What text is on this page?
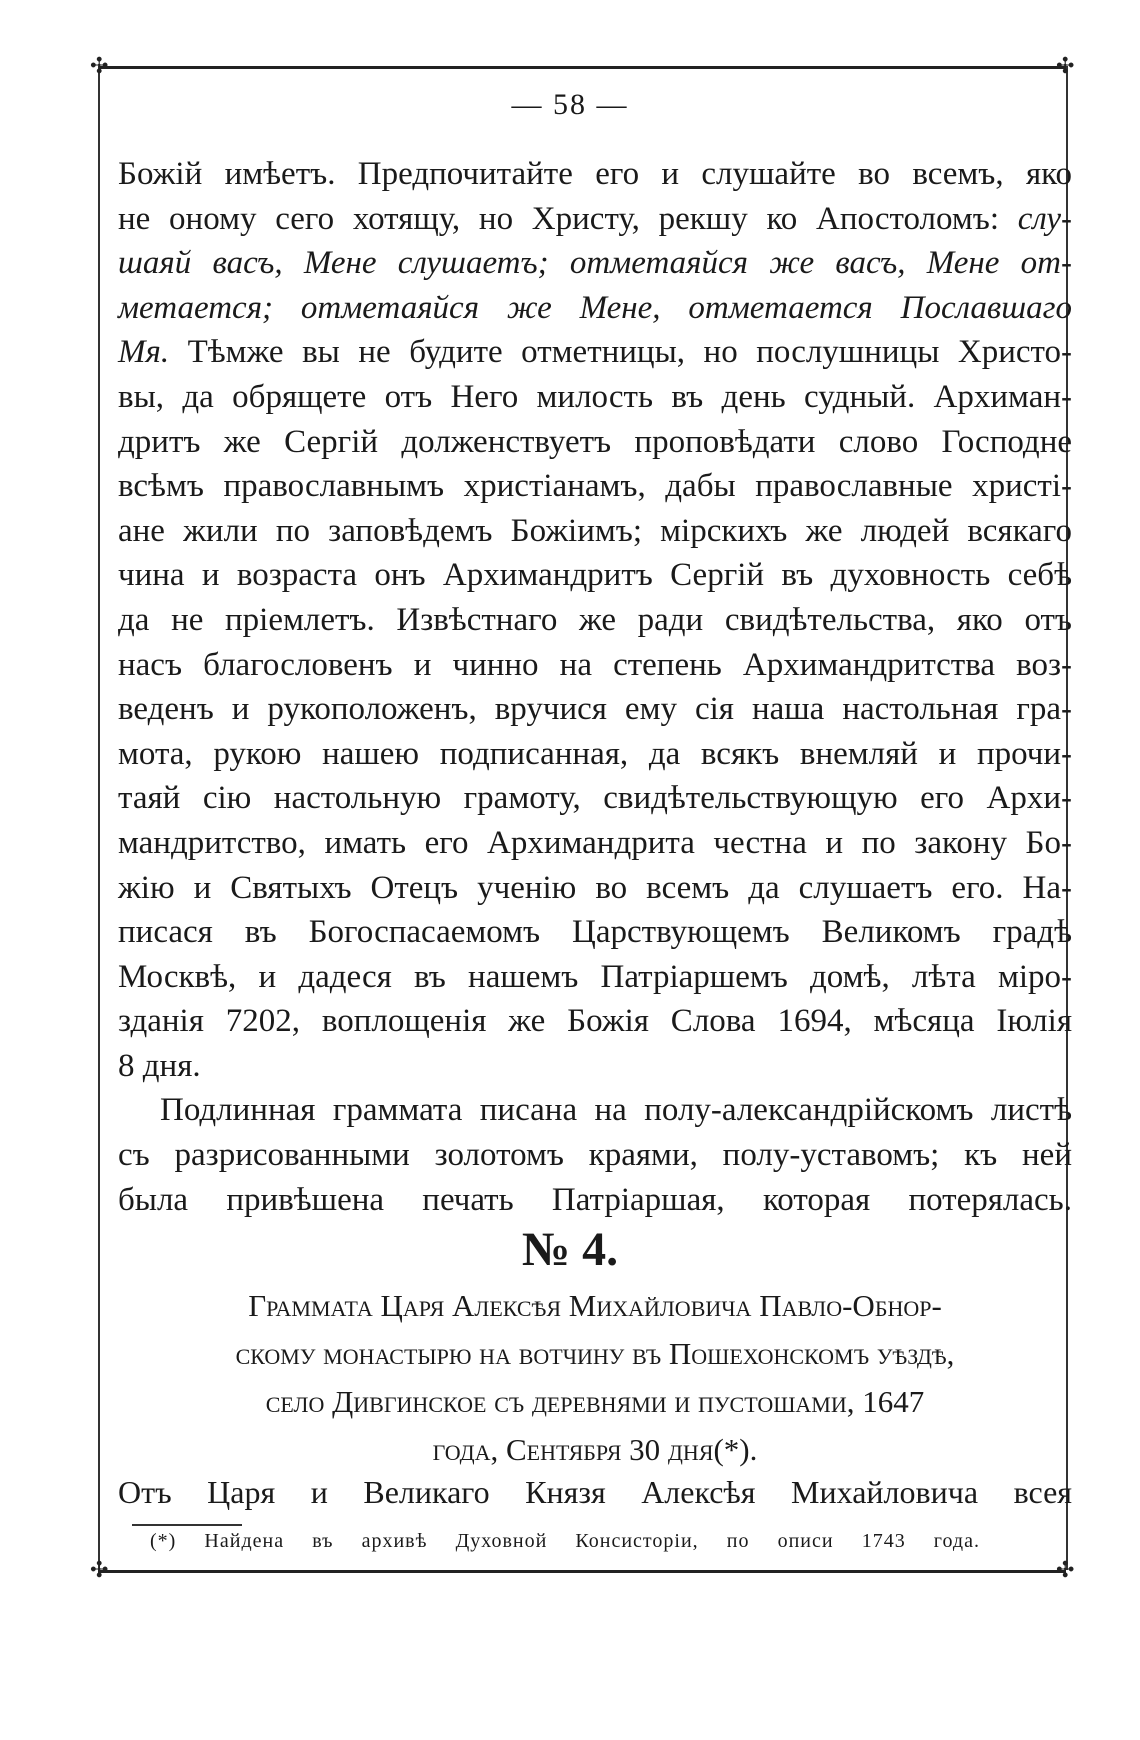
✣	✣
✣	✣
— 58 —
Божій имѣетъ. Предпочитайте его и слушайте во всемъ, яко
не оному сего хотящу, но Христу, рекшу ко Апостоломъ: слу-
шаяй васъ, Мене слушаетъ; отметаяйся же васъ, Мене от-
метается; отметаяйся же Мене, отметается Пославшаго
Мя. Тѣмже вы не будите отметницы, но послушницы Христо-
вы, да обрящете отъ Него милость въ день судный. Архиман-
дритъ же Сергій долженствуетъ проповѣдати слово Господне
всѣмъ православнымъ христіанамъ, дабы православные христі-
ане жили по заповѣдемъ Божіимъ; мірскихъ же людей всякаго
чина и возраста онъ Архимандритъ Сергій въ духовность себѣ
да не пріемлетъ. Извѣстнаго же ради свидѣтельства, яко отъ
насъ благословенъ и чинно на степень Архимандритства воз-
веденъ и рукоположенъ, вручися ему сія наша настольная гра-
мота, рукою нашею подписанная, да всякъ внемляй и прочи-
таяй сію настольную грамоту, свидѣтельствующую его Архи-
мандритство, имать его Архимандрита честна и по закону Бо-
жію и Святыхъ Отецъ ученію во всемъ да слушаетъ его. На-
писася въ Богоспасаемомъ Царствующемъ Великомъ градѣ
Москвѣ, и дадеся въ нашемъ Патріаршемъ домѣ, лѣта міро-
зданія 7202, воплощенія же Божія Слова 1694, мѣсяца Іюлія
8 дня.
Подлинная граммата писана на полу-александрійскомъ листѣ
съ разрисованными золотомъ краями, полу-уставомъ; къ ней
была привѣшена печать Патріаршая, которая потерялась.
№ 4.
Граммата Царя Алексѣя Михайловича Павло-Обнор-
скому монастырю на вотчину въ Пошехонскомъ уѣздѣ,
село Дивгинское съ деревнями и пустошами, 1647
года, Сентября 30 дня(*).
Отъ Царя и Великаго Князя Алексѣя Михайловича всея
(*) Найдена въ архивѣ Духовной Консисторіи, по описи 1743 года.
